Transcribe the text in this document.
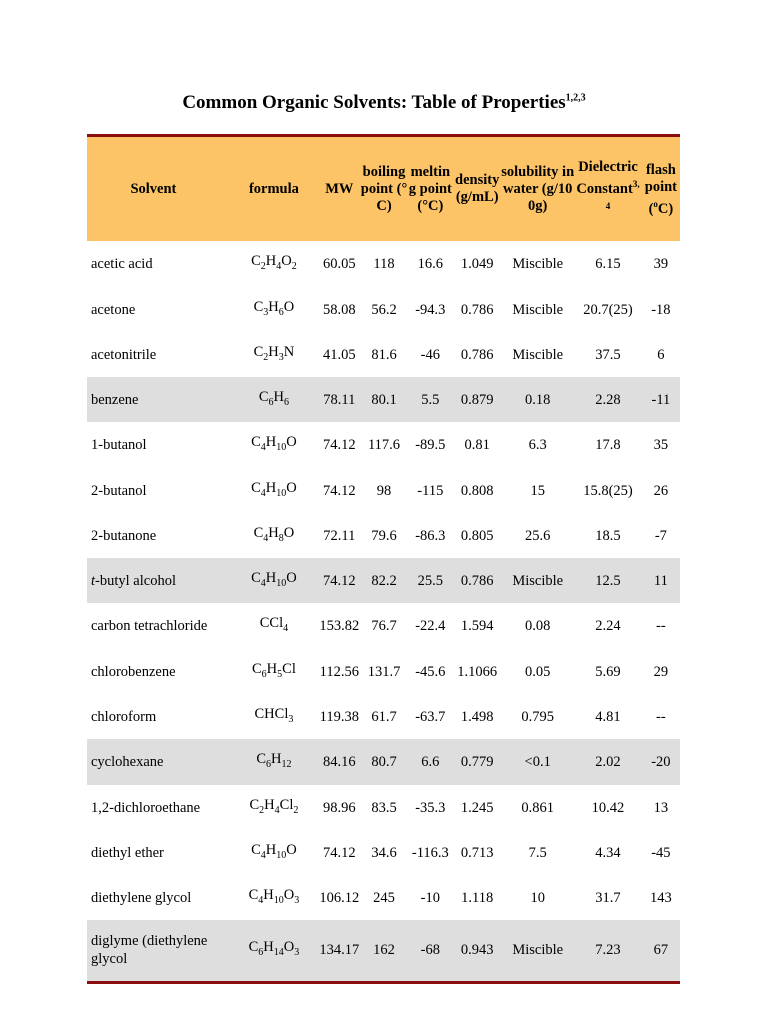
Common Organic Solvents: Table of Properties$^{1,2,3}$
Solvent	formula	MW	boiling point (°C)	melting point (°C)	density (g/mL)	solubility in water (g/100g)	Dielectric Constant$^{3,4}$	flash point ($^o$C)
acetic acid	$C_2H_4O_2$	60.05	118	16.6	1.049	Miscible	6.15	39
acetone	$C_3H_6O$	58.08	56.2	-94.3	0.786	Miscible	20.7(25)	-18
acetonitrile	$C_2H_3N$	41.05	81.6	-46	0.786	Miscible	37.5	6
benzene	$C_6H_6$	78.11	80.1	5.5	0.879	0.18	2.28	-11
1-butanol	$C_4H_{10}O$	74.12	117.6	-89.5	0.81	6.3	17.8	35
2-butanol	$C_4H_{10}O$	74.12	98	-115	0.808	15	15.8(25)	26
2-butanone	$C_4H_8O$	72.11	79.6	-86.3	0.805	25.6	18.5	-7
t-butyl alcohol	$C_4H_{10}O$	74.12	82.2	25.5	0.786	Miscible	12.5	11
carbon tetrachloride	CCl$_4$	153.82	76.7	-22.4	1.594	0.08	2.24	--
chlorobenzene	$C_6H_5Cl$	112.56	131.7	-45.6	1.1066	0.05	5.69	29
chloroform	CHCl$_3$	119.38	61.7	-63.7	1.498	0.795	4.81	--
cyclohexane	$C_6H_{12}$	84.16	80.7	6.6	0.779	<0.1	2.02	-20
1,2-dichloroethane	$C_2H_4Cl_2$	98.96	83.5	-35.3	1.245	0.861	10.42	13
diethyl ether	$C_4H_{10}O$	74.12	34.6	-116.3	0.713	7.5	4.34	-45
diethylene glycol	$C_4H_{10}O_3$	106.12	245	-10	1.118	10	31.7	143
diglyme (diethylene glycol	$C_6H_{14}O_3$	134.17	162	-68	0.943	Miscible	7.23	67
